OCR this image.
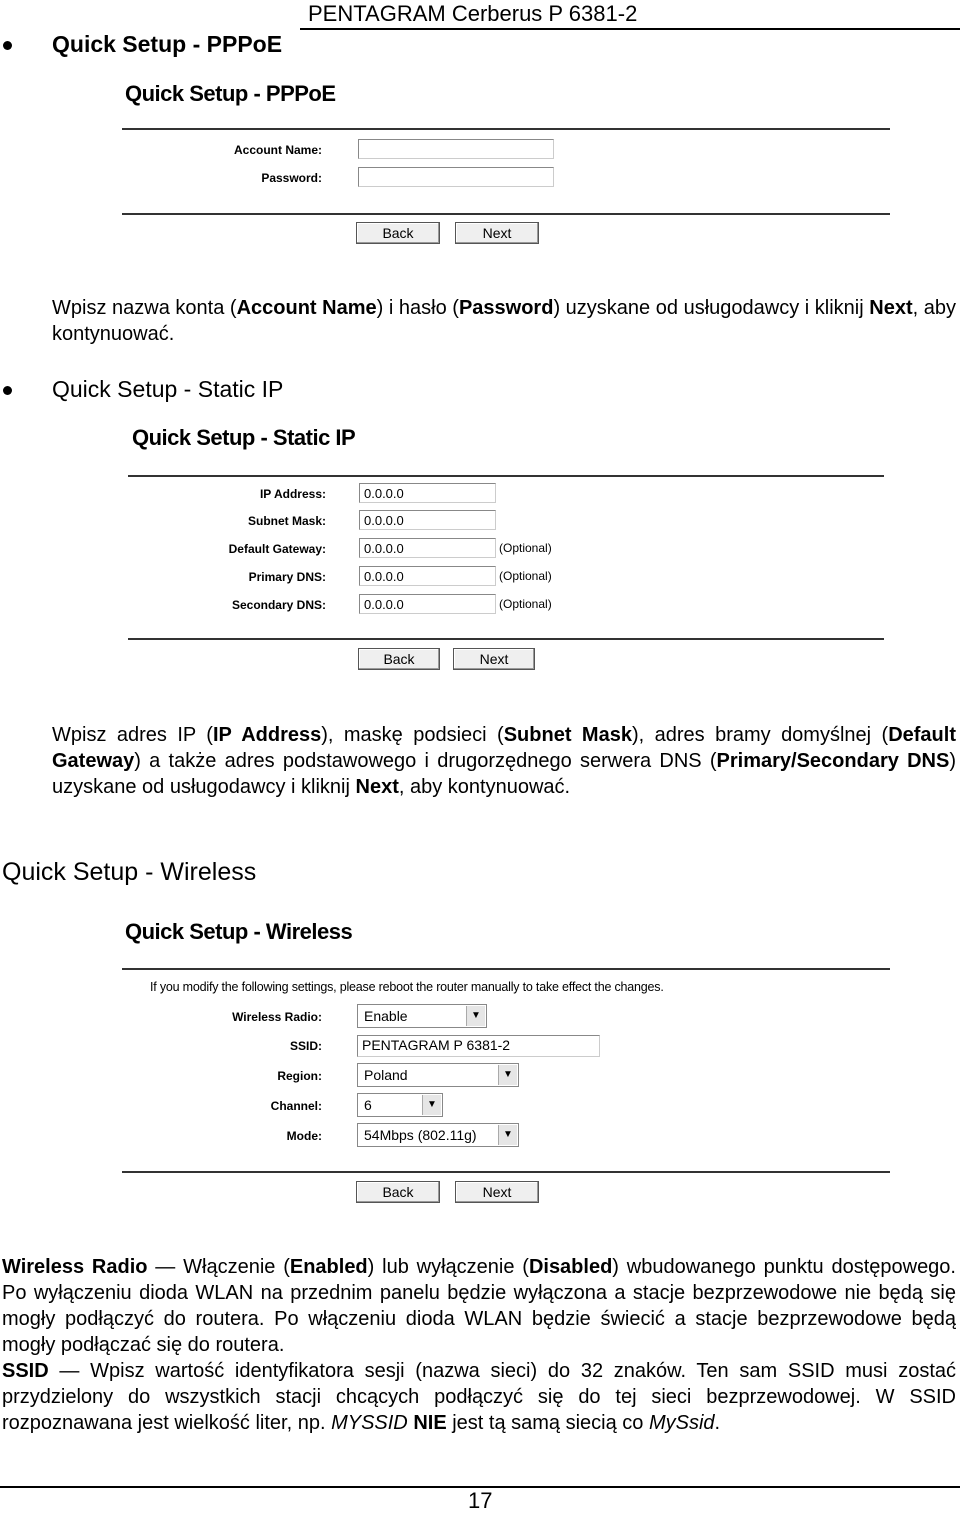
PENTAGRAM Cerberus P 6381-2
Quick Setup - PPPoE
Quick Setup - PPPoE
Account Name:
Password:
Back	Next
Wpisz nazwa konta (Account Name) i hasło (Password) uzyskane od usługodawcy i kliknij Next, aby kontynuować.
Quick Setup - Static IP
Quick Setup - Static IP
IP Address:	0.0.0.0
Subnet Mask:	0.0.0.0
Default Gateway:	0.0.0.0	(Optional)
Primary DNS:	0.0.0.0	(Optional)
Secondary DNS:	0.0.0.0	(Optional)
Back	Next
Wpisz adres IP (IP Address), maskę podsieci (Subnet Mask), adres bramy domyślnej (Default Gateway) a także adres podstawowego i drugorzędnego serwera DNS (Primary/Secondary DNS) uzyskane od usługodawcy i kliknij Next, aby kontynuować.
Quick Setup - Wireless
Quick Setup - Wireless
If you modify the following settings, please reboot the router manually to take effect the changes.
Wireless Radio:	Enable	▼
SSID:	PENTAGRAM P 6381-2
Region:	Poland	▼
Channel:	6	▼
Mode:	54Mbps (802.11g)	▼
Back	Next
Wireless Radio — Włączenie (Enabled) lub wyłączenie (Disabled) wbudowanego punktu dostępowego. Po wyłączeniu dioda WLAN na przednim panelu będzie wyłączona a stacje bezprzewodowe nie będą się mogły podłączyć do routera. Po włączeniu dioda WLAN będzie świecić a stacje bezprzewodowe będą mogły podłączać się do routera.
SSID — Wpisz wartość identyfikatora sesji (nazwa sieci) do 32 znaków. Ten sam SSID musi zostać przydzielony do wszystkich stacji chcących podłączyć się do tej sieci bezprzewodowej. W SSID rozpoznawana jest wielkość liter, np. MYSSID NIE jest tą samą siecią co MySsid.
17
